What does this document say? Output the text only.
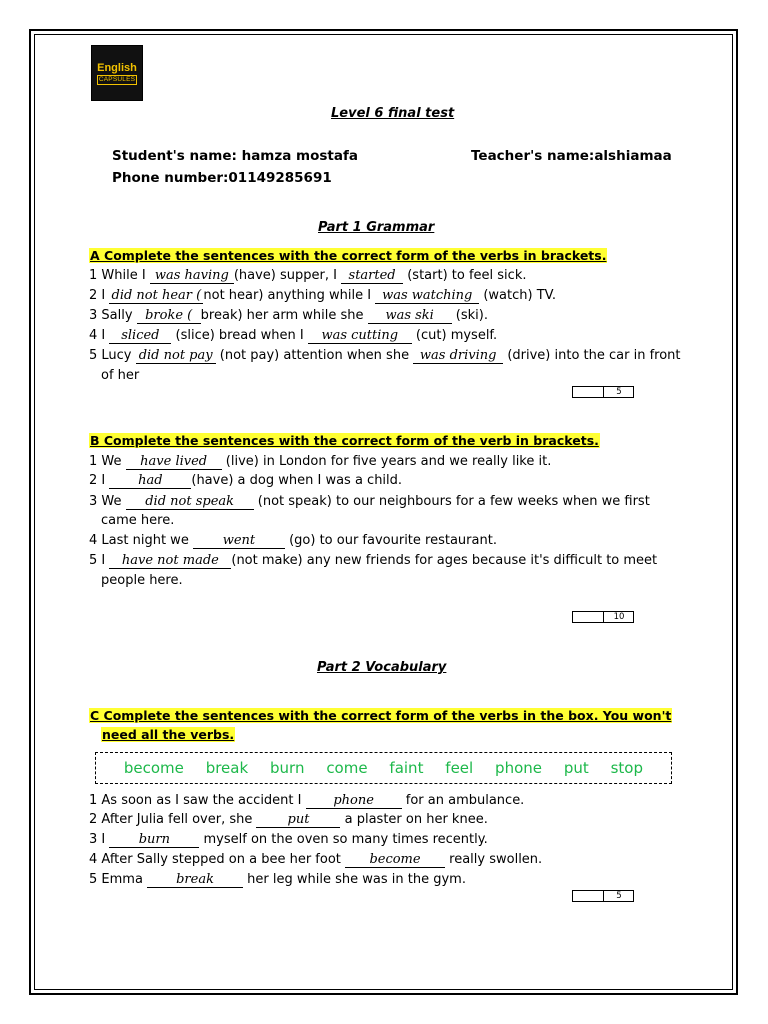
English
CAPSULES
Level 6 final test
Student's name: hamza mostafa	Teacher's name:alshiamaa
Phone number:01149285691
Part 1 Grammar
A Complete the sentences with the correct form of the verbs in brackets.
1 While I was having (have) supper, I started (start) to feel sick.
2 I did not hear ( not hear) anything while I was watching (watch) TV.
3 Sally broke ( break) her arm while she was ski (ski).
4 I sliced (slice) bread when I was cutting (cut) myself.
5 Lucy did not pay (not pay) attention when she was driving (drive) into the car in front
of her
5
B Complete the sentences with the correct form of the verb in brackets.
1 We have lived (live) in London for five years and we really like it.
2 I had (have) a dog when I was a child.
3 We did not speak (not speak) to our neighbours for a few weeks when we first
came here.
4 Last night we went (go) to our favourite restaurant.
5 I have not made (not make) any new friends for ages because it's difficult to meet
people here.
10
Part 2 Vocabulary
C Complete the sentences with the correct form of the verbs in the box. You won't
need all the verbs.
become break burn come faint feel phone put stop
1 As soon as I saw the accident I phone for an ambulance.
2 After Julia fell over, she put a plaster on her knee.
3 I burn myself on the oven so many times recently.
4 After Sally stepped on a bee her foot become really swollen.
5 Emma break her leg while she was in the gym.
5
